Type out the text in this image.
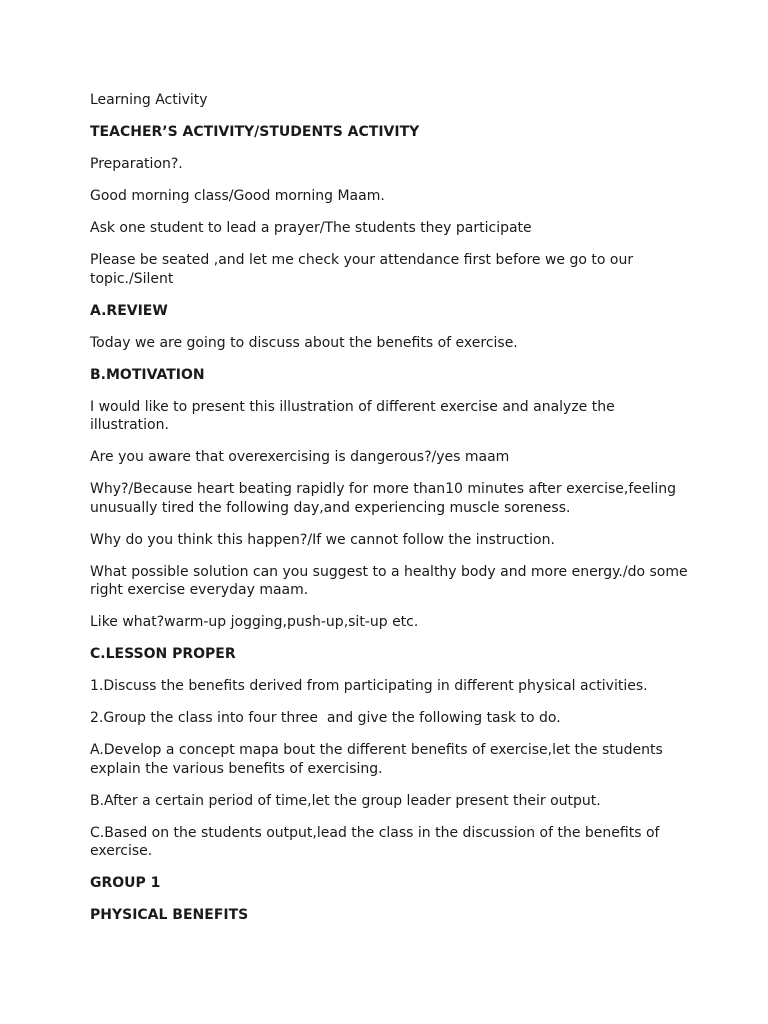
Learning Activity

TEACHER’S ACTIVITY/STUDENTS ACTIVITY

Preparation?.

Good morning class/Good morning Maam.

Ask one student to lead a prayer/The students they participate

Please be seated ,and let me check your attendance first before we go to our topic./Silent

A.REVIEW

Today we are going to discuss about the benefits of exercise.

B.MOTIVATION

I would like to present this illustration of different exercise and analyze the illustration.

Are you aware that overexercising is dangerous?/yes maam

Why?/Because heart beating rapidly for more than10 minutes after exercise,feeling unusually tired the following day,and experiencing muscle soreness.

Why do you think this happen?/If we cannot follow the instruction.

What possible solution can you suggest to a healthy body and more energy./do some  right exercise everyday maam.

Like what?warm-up jogging,push-up,sit-up etc.

C.LESSON PROPER

1.Discuss the benefits derived from participating in different physical activities.

2.Group the class into four three  and give the following task to do.

A.Develop a concept mapa bout the different benefits of exercise,let the students explain the various benefits of exercising.

B.After a certain period of time,let the group leader present their output.

C.Based on the students output,lead the class in the discussion of the benefits of exercise.

GROUP 1

PHYSICAL BENEFITS
